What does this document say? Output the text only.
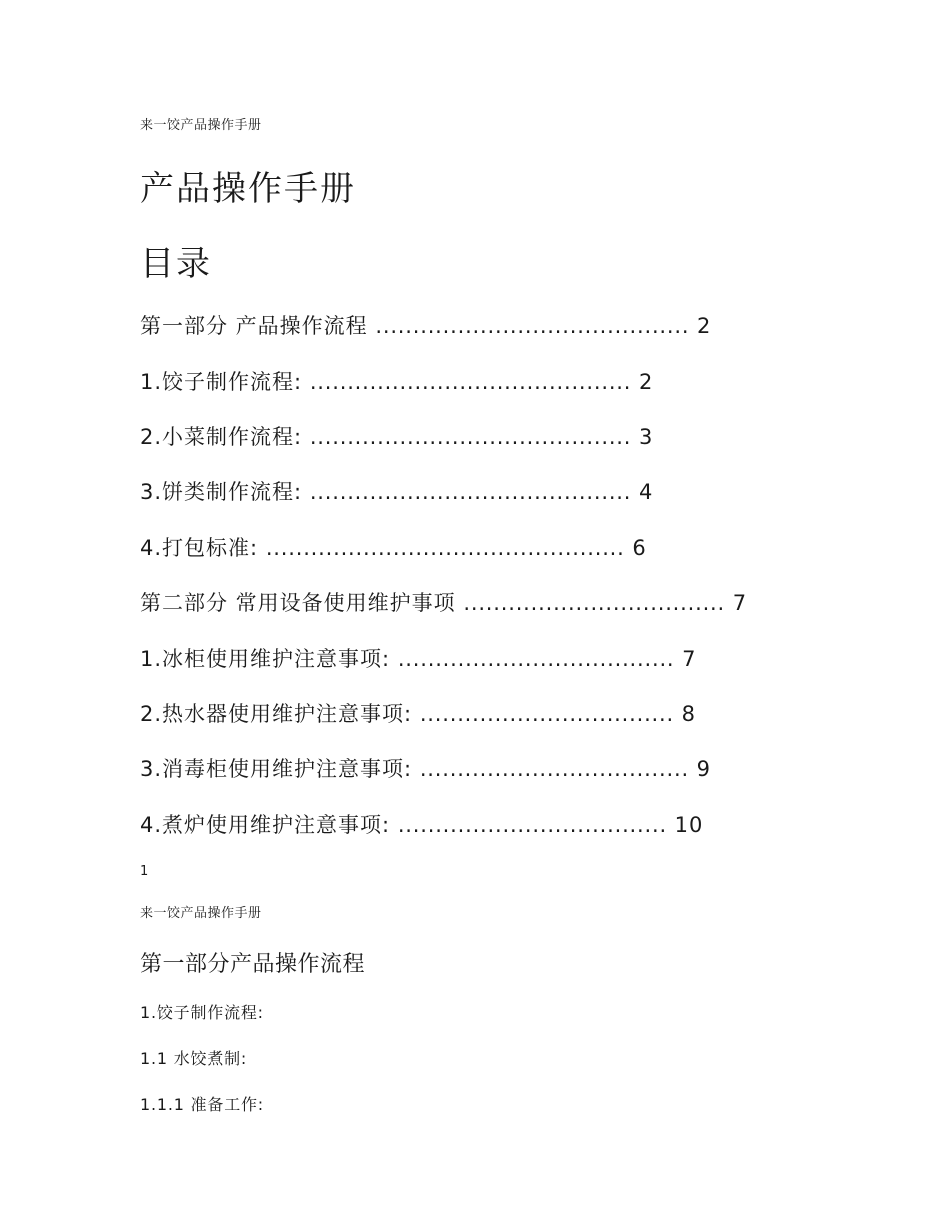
来一饺产品操作手册
产品操作手册
目录
第一部分 产品操作流程 .......................................... 2
1.饺子制作流程: ........................................... 2
2.小菜制作流程: ........................................... 3
3.饼类制作流程: ........................................... 4
4.打包标准: ................................................ 6
第二部分 常用设备使用维护事项 ................................... 7
1.冰柜使用维护注意事项: ..................................... 7
2.热水器使用维护注意事项: .................................. 8
3.消毒柜使用维护注意事项: .................................... 9
4.煮炉使用维护注意事项: .................................... 10
1
来一饺产品操作手册
第一部分产品操作流程
1.饺子制作流程:
1.1 水饺煮制:
1.1.1 准备工作:
